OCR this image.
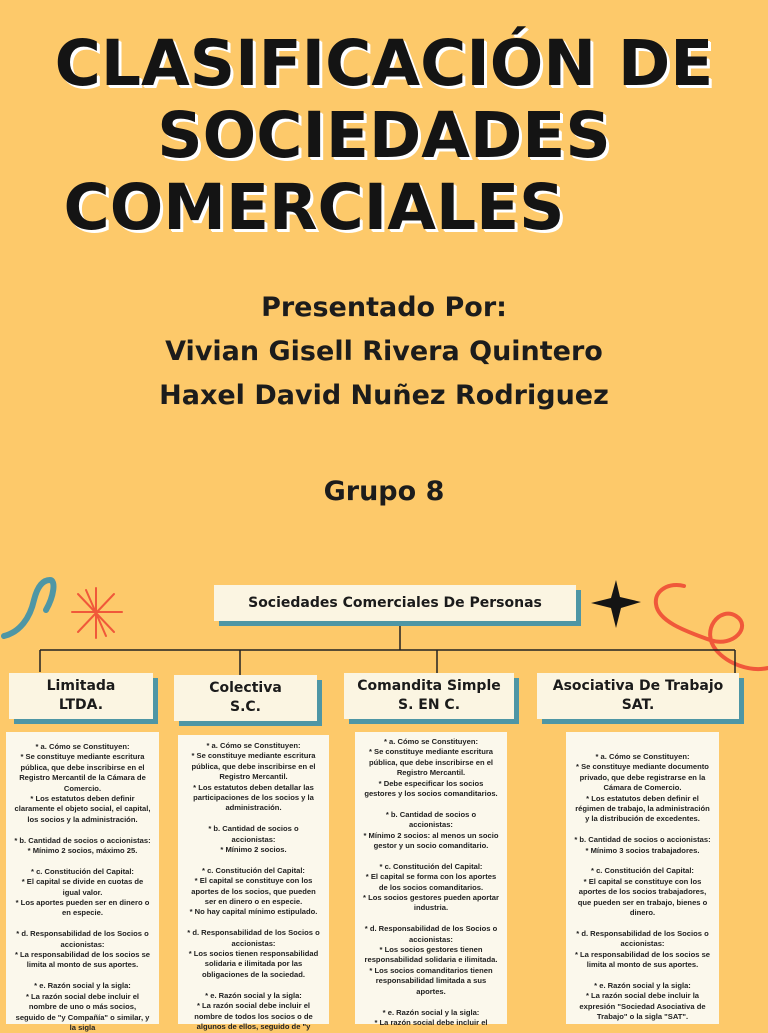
CLASIFICACIÓN DE
SOCIEDADES
COMERCIALES
Presentado Por:
Vivian Gisell Rivera Quintero
Haxel David Nuñez Rodriguez
Grupo 8
Sociedades Comerciales De Personas
Limitada
LTDA.
Colectiva
S.C.
Comandita Simple
S. EN C.
Asociativa De Trabajo
SAT.

* a. Cómo se Constituyen:
* Se constituye mediante escritura pública, que debe inscribirse en el Registro Mercantil de la Cámara de Comercio.
* Los estatutos deben definir claramente el objeto social, el capital, los socios y la administración.

* b. Cantidad de socios o accionistas:
* Mínimo 2 socios, máximo 25.

* c. Constitución del Capital:
* El capital se divide en cuotas de igual valor.
* Los aportes pueden ser en dinero o en especie.

* d. Responsabilidad de los Socios o accionistas:
* La responsabilidad de los socios se limita al monto de sus aportes.

* e. Razón social y la sigla:
* La razón social debe incluir el nombre de uno o más socios, seguido de "y Compañía" o similar, y la sigla

* a. Cómo se Constituyen:
* Se constituye mediante escritura pública, que debe inscribirse en el Registro Mercantil.
* Los estatutos deben detallar las participaciones de los socios y la administración.

* b. Cantidad de socios o accionistas:
* Mínimo 2 socios.

* c. Constitución del Capital:
* El capital se constituye con los aportes de los socios, que pueden ser en dinero o en especie.
* No hay capital mínimo estipulado.

* d. Responsabilidad de los Socios o accionistas:
* Los socios tienen responsabilidad solidaria e ilimitada por las obligaciones de la sociedad.

* e. Razón social y la sigla:
* La razón social debe incluir el nombre de todos los socios o de algunos de ellos, seguido de "y

* a. Cómo se Constituyen:
* Se constituye mediante escritura pública, que debe inscribirse en el Registro Mercantil.
* Debe especificar los socios gestores y los socios comanditarios.

* b. Cantidad de socios o accionistas:
* Mínimo 2 socios: al menos un socio gestor y un socio comanditario.

* c. Constitución del Capital:
* El capital se forma con los aportes de los socios comanditarios.
* Los socios gestores pueden aportar industria.

* d. Responsabilidad de los Socios o accionistas:
* Los socios gestores tienen responsabilidad solidaria e ilimitada.
* Los socios comanditarios tienen responsabilidad limitada a sus aportes.

* e. Razón social y la sigla:
* La razón social debe incluir el

* a. Cómo se Constituyen:
* Se constituye mediante documento privado, que debe registrarse en la Cámara de Comercio.
* Los estatutos deben definir el régimen de trabajo, la administración y la distribución de excedentes.

* b. Cantidad de socios o accionistas:
* Mínimo 3 socios trabajadores.

* c. Constitución del Capital:
* El capital se constituye con los aportes de los socios trabajadores, que pueden ser en trabajo, bienes o dinero.

* d. Responsabilidad de los Socios o accionistas:
* La responsabilidad de los socios se limita al monto de sus aportes.

* e. Razón social y la sigla:
* La razón social debe incluir la expresión "Sociedad Asociativa de Trabajo" o la sigla "SAT".
